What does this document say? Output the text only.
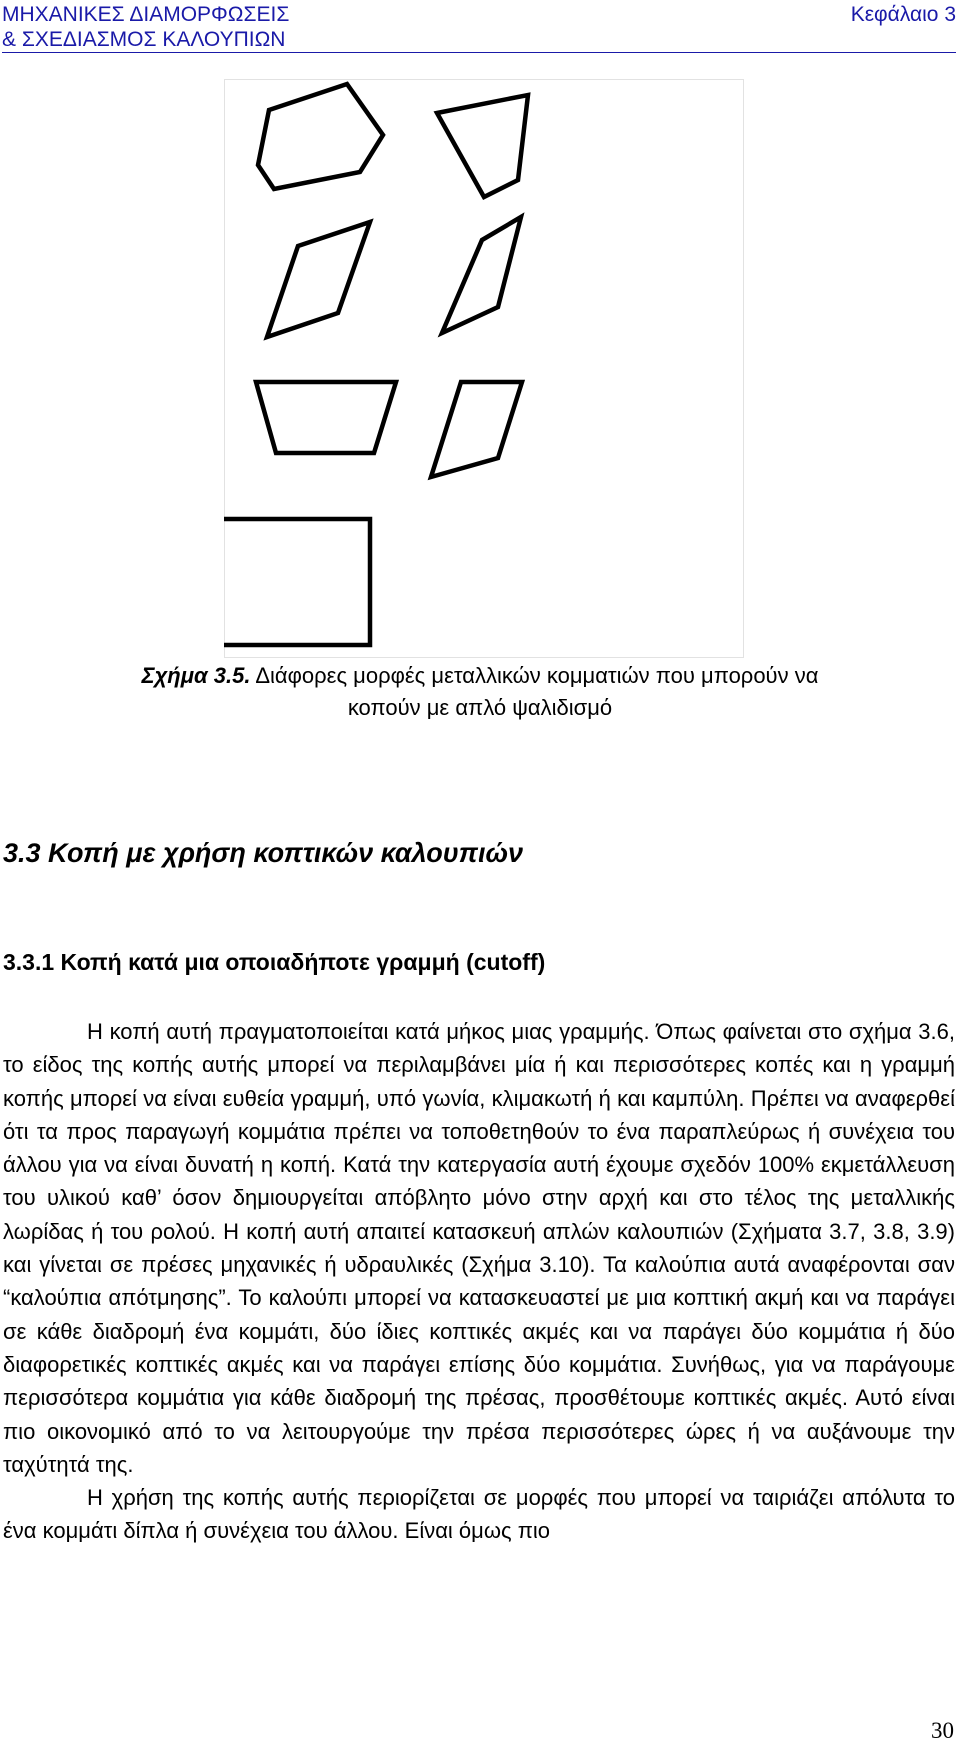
ΜΗΧΑΝΙΚΕΣ ΔΙΑΜΟΡΦΩΣΕΙΣ
& ΣΧΕΔΙΑΣΜΟΣ ΚΑΛΟΥΠΙΩΝ
Κεφάλαιο 3
Σχήμα 3.5. Διάφορες μορφές μεταλλικών κομματιών που μπορούν να κοπούν με απλό ψαλιδισμό
3.3 Κοπή με χρήση κοπτικών καλουπιών
3.3.1 Κοπή κατά μια οποιαδήποτε γραμμή (cutoff)

Η κοπή αυτή πραγματοποιείται κατά μήκος μιας γραμμής. Όπως φαίνεται στο σχήμα 3.6, το είδος της κοπής αυτής μπορεί να περιλαμβάνει μία ή και περισσότερες κοπές και η γραμμή κοπής μπορεί να είναι ευθεία γραμμή, υπό γωνία, κλιμακωτή ή και καμπύλη. Πρέπει να αναφερθεί ότι τα προς παραγωγή κομμάτια πρέπει να τοποθετηθούν το ένα παραπλεύρως ή συνέχεια του άλλου για να είναι δυνατή η κοπή. Κατά την κατεργασία αυτή έχουμε σχεδόν 100% εκμετάλλευση του υλικού καθ’ όσον δημιουργείται απόβλητο μόνο στην αρχή και στο τέλος της μεταλλικής λωρίδας ή του ρολού. Η κοπή αυτή απαιτεί κατασκευή απλών καλουπιών (Σχήματα 3.7, 3.8, 3.9) και γίνεται σε πρέσες μηχανικές ή υδραυλικές (Σχήμα 3.10). Τα καλούπια αυτά αναφέρονται σαν “καλούπια απότμησης”. Το καλούπι μπορεί να κατασκευαστεί με μια κοπτική ακμή και να παράγει σε κάθε διαδρομή ένα κομμάτι, δύο ίδιες κοπτικές ακμές και να παράγει δύο κομμάτια ή δύο διαφορετικές κοπτικές ακμές και να παράγει επίσης δύο κομμάτια. Συνήθως, για να παράγουμε περισσότερα κομμάτια για κάθε διαδρομή της πρέσας, προσθέτουμε κοπτικές ακμές. Αυτό είναι πιο οικονομικό από το να λειτουργούμε την πρέσα περισσότερες ώρες ή να αυξάνουμε την ταχύτητά της.

Η χρήση της κοπής αυτής περιορίζεται σε μορφές που μπορεί να ταιριάζει απόλυτα το ένα κομμάτι δίπλα ή συνέχεια του άλλου. Είναι όμως πιο

30
